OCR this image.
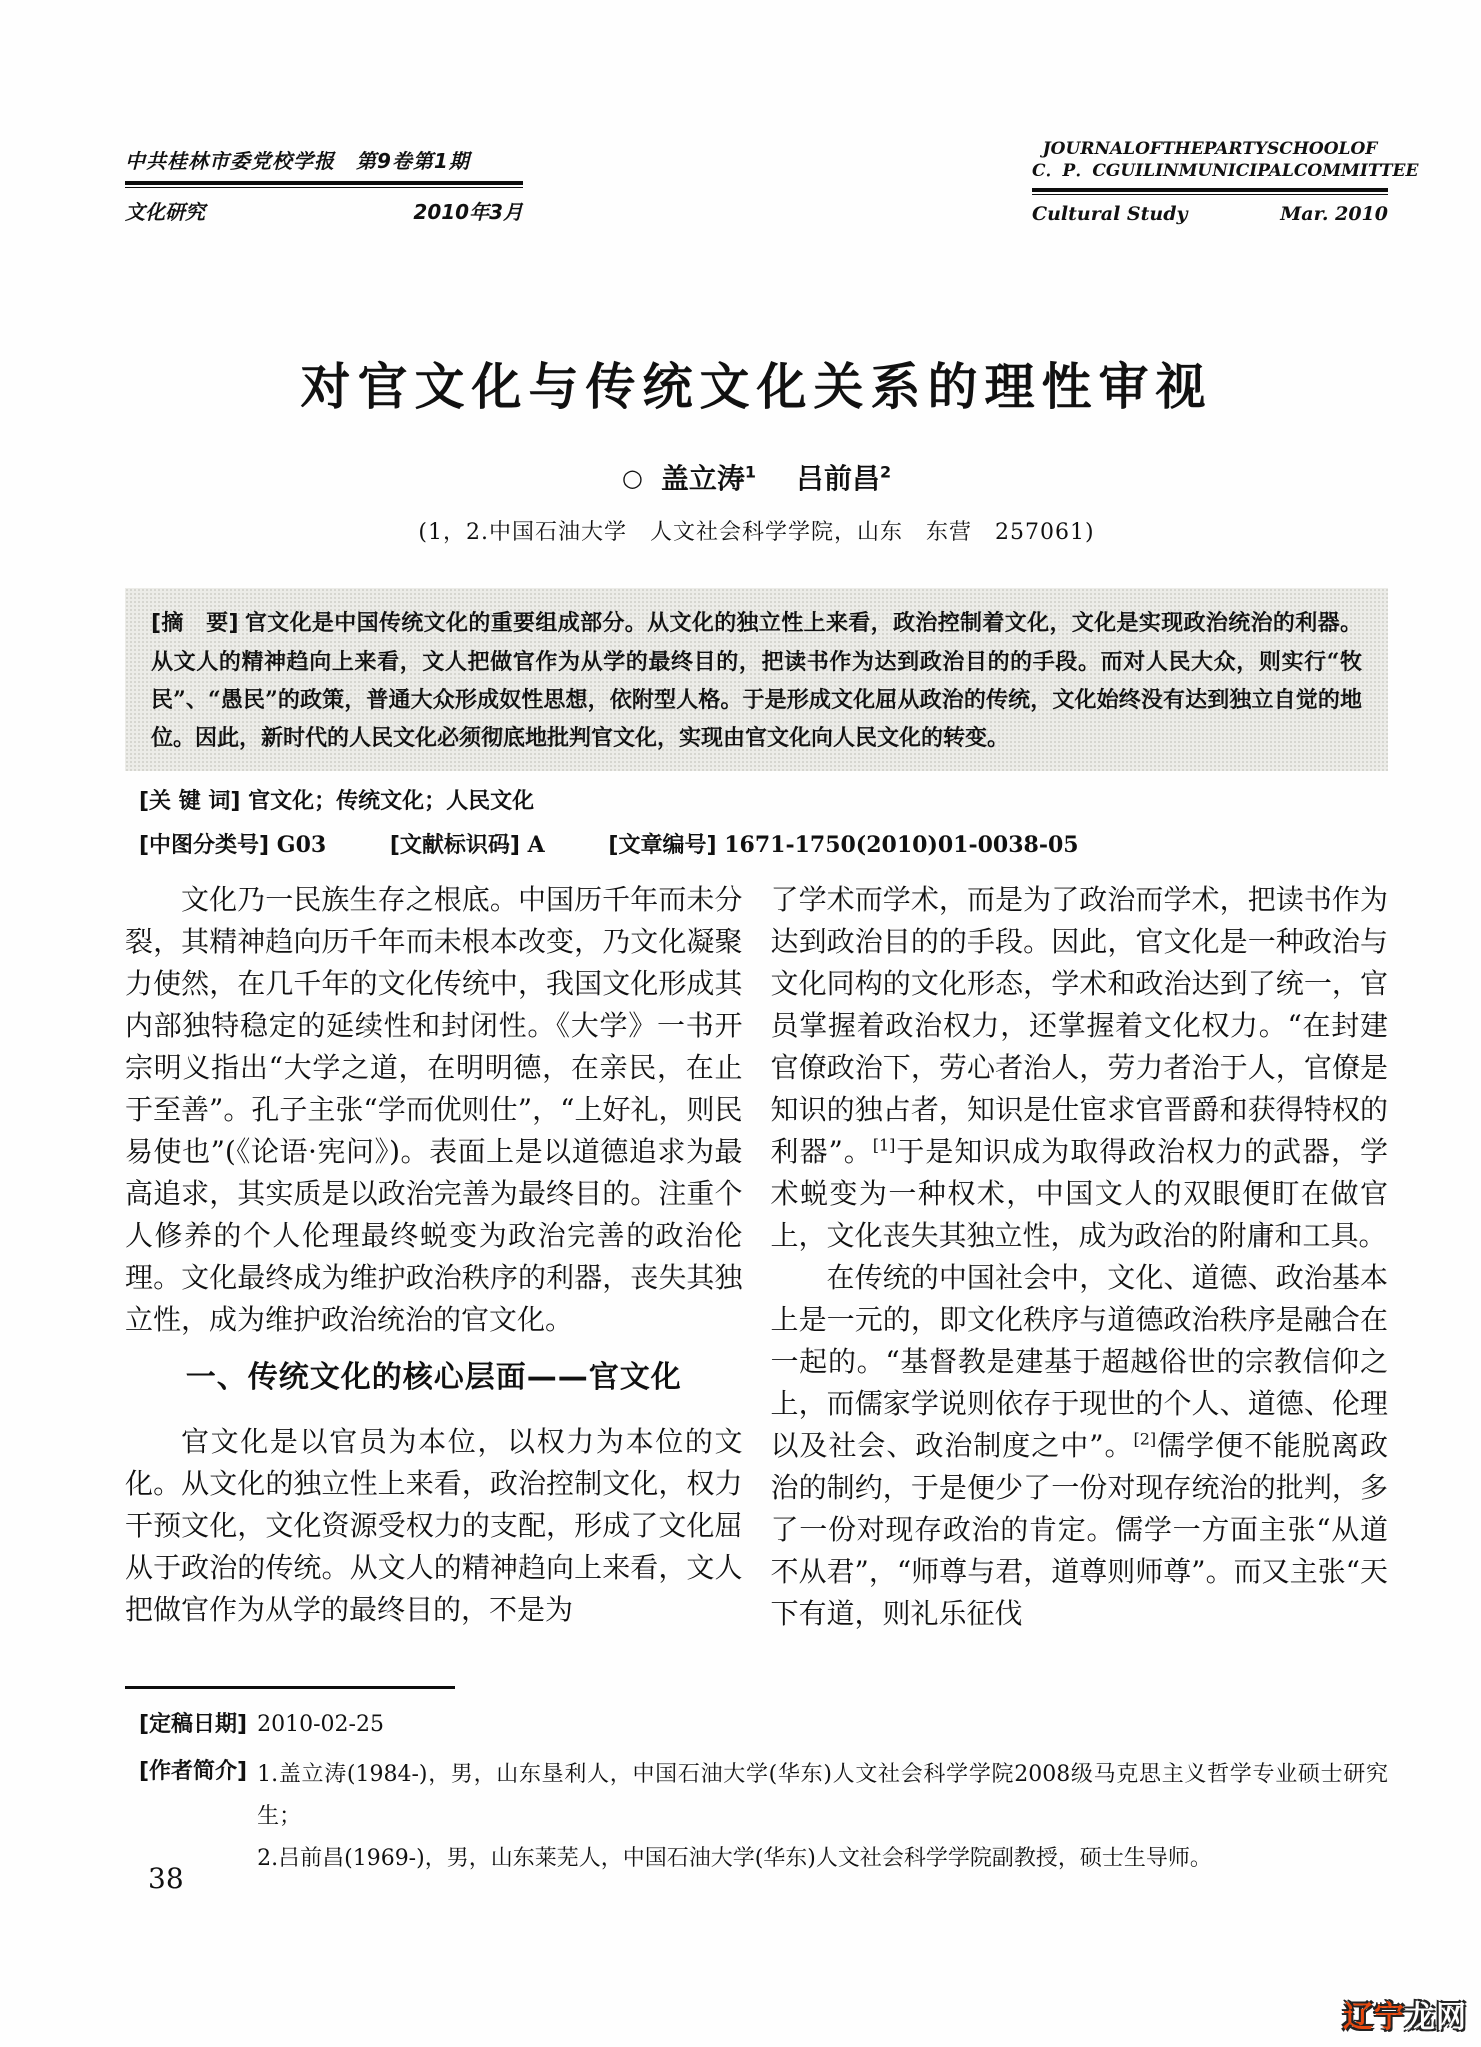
中共桂林市委党校学报　第9卷第1期
文化研究	2010年3月
JOURNALOFTHEPARTYSCHOOLOF
C．P．CGUILINMUNICIPALCOMMITTEE
Cultural Study	Mar. 2010
对官文化与传统文化关系的理性审视
○ 盖立涛$^1$ 吕前昌$^2$
(1，2.中国石油大学　人文社会科学学院，山东　东营　257061)
[摘　要] 官文化是中国传统文化的重要组成部分。从文化的独立性上来看，政治控制着文化，文化是实现政治统治的利器。从文人的精神趋向上来看，文人把做官作为从学的最终目的，把读书作为达到政治目的的手段。而对人民大众，则实行“牧民”、“愚民”的政策，普通大众形成奴性思想，依附型人格。于是形成文化屈从政治的传统，文化始终没有达到独立自觉的地位。因此，新时代的人民文化必须彻底地批判官文化，实现由官文化向人民文化的转变。
[关 键 词] 官文化；传统文化；人民文化
[中图分类号] G03	[文献标识码] A	[文章编号] 1671-1750(2010)01-0038-05

文化乃一民族生存之根底。中国历千年而未分裂，其精神趋向历千年而未根本改变，乃文化凝聚力使然，在几千年的文化传统中，我国文化形成其内部独特稳定的延续性和封闭性。《大学》一书开宗明义指出“大学之道，在明明德，在亲民，在止于至善”。孔子主张“学而优则仕”，“上好礼，则民易使也”(《论语·宪问》)。表面上是以道德追求为最高追求，其实质是以政治完善为最终目的。注重个人修养的个人伦理最终蜕变为政治完善的政治伦理。文化最终成为维护政治秩序的利器，丧失其独立性，成为维护政治统治的官文化。

一、传统文化的核心层面——官文化

官文化是以官员为本位，以权力为本位的文化。从文化的独立性上来看，政治控制文化，权力干预文化，文化资源受权力的支配，形成了文化屈从于政治的传统。从文人的精神趋向上来看，文人把做官作为从学的最终目的，不是为

了学术而学术，而是为了政治而学术，把读书作为达到政治目的的手段。因此，官文化是一种政治与文化同构的文化形态，学术和政治达到了统一，官员掌握着政治权力，还掌握着文化权力。“在封建官僚政治下，劳心者治人，劳力者治于人，官僚是知识的独占者，知识是仕宦求官晋爵和获得特权的利器”。[1]于是知识成为取得政治权力的武器，学术蜕变为一种权术，中国文人的双眼便盯在做官上，文化丧失其独立性，成为政治的附庸和工具。

在传统的中国社会中，文化、道德、政治基本上是一元的，即文化秩序与道德政治秩序是融合在一起的。“基督教是建基于超越俗世的宗教信仰之上，而儒家学说则依存于现世的个人、道德、伦理以及社会、政治制度之中”。[2]儒学便不能脱离政治的制约，于是便少了一份对现存统治的批判，多了一份对现存政治的肯定。儒学一方面主张“从道不从君”，“师尊与君，道尊则师尊”。而又主张“天下有道，则礼乐征伐

[定稿日期] 2010-02-25
[作者简介] 1.盖立涛(1984-)，男，山东垦利人，中国石油大学(华东)人文社会科学学院2008级马克思主义哲学专业硕士研究生；

2.吕前昌(1969-)，男，山东莱芜人，中国石油大学(华东)人文社会科学学院副教授，硕士生导师。

38
辽宁龙网
